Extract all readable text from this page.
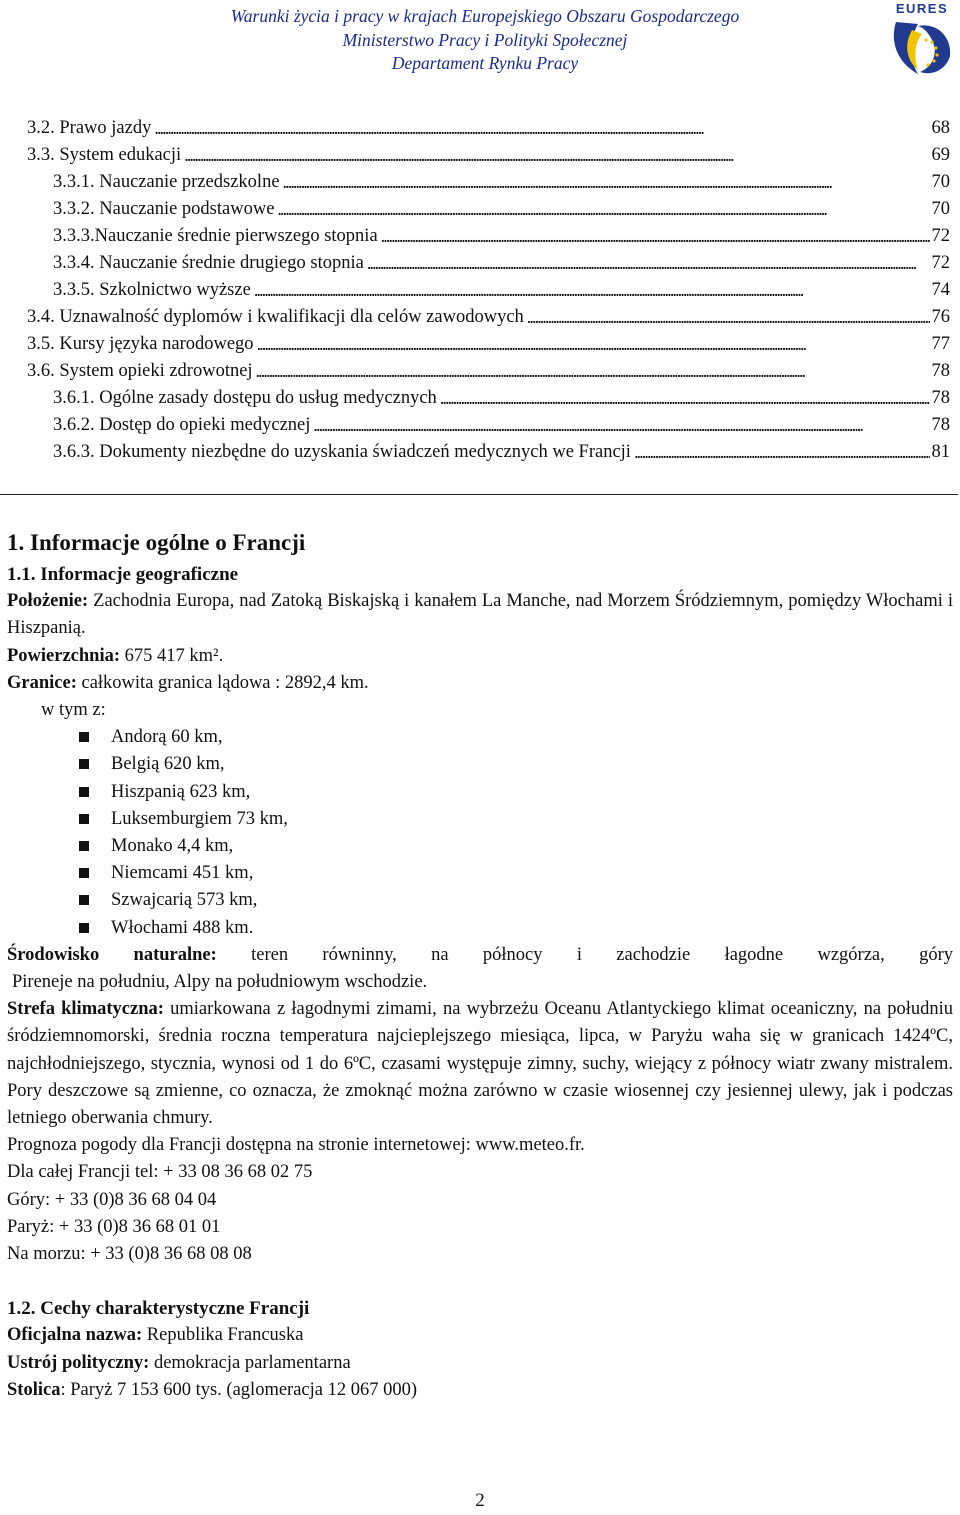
Warunki życia i pracy w krajach Europejskiego Obszaru Gospodarczego
Ministerstwo Pracy i Polityki Społecznej
Departament Rynku Pracy
EURES
3.2. Prawo jazdy . . .	68
3.3. System edukacji . . .	69
3.3.1. Nauczanie przedszkolne . . .	70
3.3.2. Nauczanie podstawowe . . .	70
3.3.3.Nauczanie średnie pierwszego stopnia . . .	72
3.3.4. Nauczanie średnie drugiego stopnia . . .	72
3.3.5. Szkolnictwo wyższe . . .	74
3.4. Uznawalność dyplomów i kwalifikacji dla celów zawodowych . . .	76
3.5. Kursy języka narodowego . . .	77
3.6. System opieki zdrowotnej . . .	78
3.6.1. Ogólne zasady dostępu do usług medycznych . . .	78
3.6.2. Dostęp do opieki medycznej . . .	78
3.6.3. Dokumenty niezbędne do uzyskania świadczeń medycznych we Francji . . .	81
1. Informacje ogólne o Francji
1.1. Informacje geograficzne

Położenie: Zachodnia Europa, nad Zatoką Biskajską i kanałem La Manche, nad Morzem Śródziemnym, pomiędzy Włochami i Hiszpanią.

Powierzchnia: 675 417 km².

Granice: całkowita granica lądowa : 2892,4 km.

w tym z:

Andorą 60 km,
Belgią 620 km,
Hiszpanią 623 km,
Luksemburgiem 73 km,
Monako 4,4 km,
Niemcami 451 km,
Szwajcarią 573 km,
Włochami 488 km.

Środowisko naturalne: teren równinny, na północy i zachodzie łagodne wzgórza, góry

Pireneje na południu, Alpy na południowym wschodzie.

Strefa klimatyczna: umiarkowana z łagodnymi zimami, na wybrzeżu Oceanu Atlantyckiego klimat oceaniczny, na południu śródziemnomorski, średnia roczna temperatura najcieplejszego miesiąca, lipca, w Paryżu waha się w granicach 1424ºC, najchłodniejszego, stycznia, wynosi od 1 do 6ºC, czasami występuje zimny, suchy, wiejący z północy wiatr zwany mistralem. Pory deszczowe są zmienne, co oznacza, że zmoknąć można zarówno w czasie wiosennej czy jesiennej ulewy, jak i podczas letniego oberwania chmury.

Prognoza pogody dla Francji dostępna na stronie internetowej: www.meteo.fr.

Dla całej Francji tel: + 33 08 36 68 02 75

Góry: + 33 (0)8 36 68 04 04

Paryż: + 33 (0)8 36 68 01 01

Na morzu: + 33 (0)8 36 68 08 08

1.2. Cechy charakterystyczne Francji

Oficjalna nazwa: Republika Francuska

Ustrój polityczny: demokracja parlamentarna

Stolica: Paryż 7 153 600 tys. (aglomeracja 12 067 000)

2
